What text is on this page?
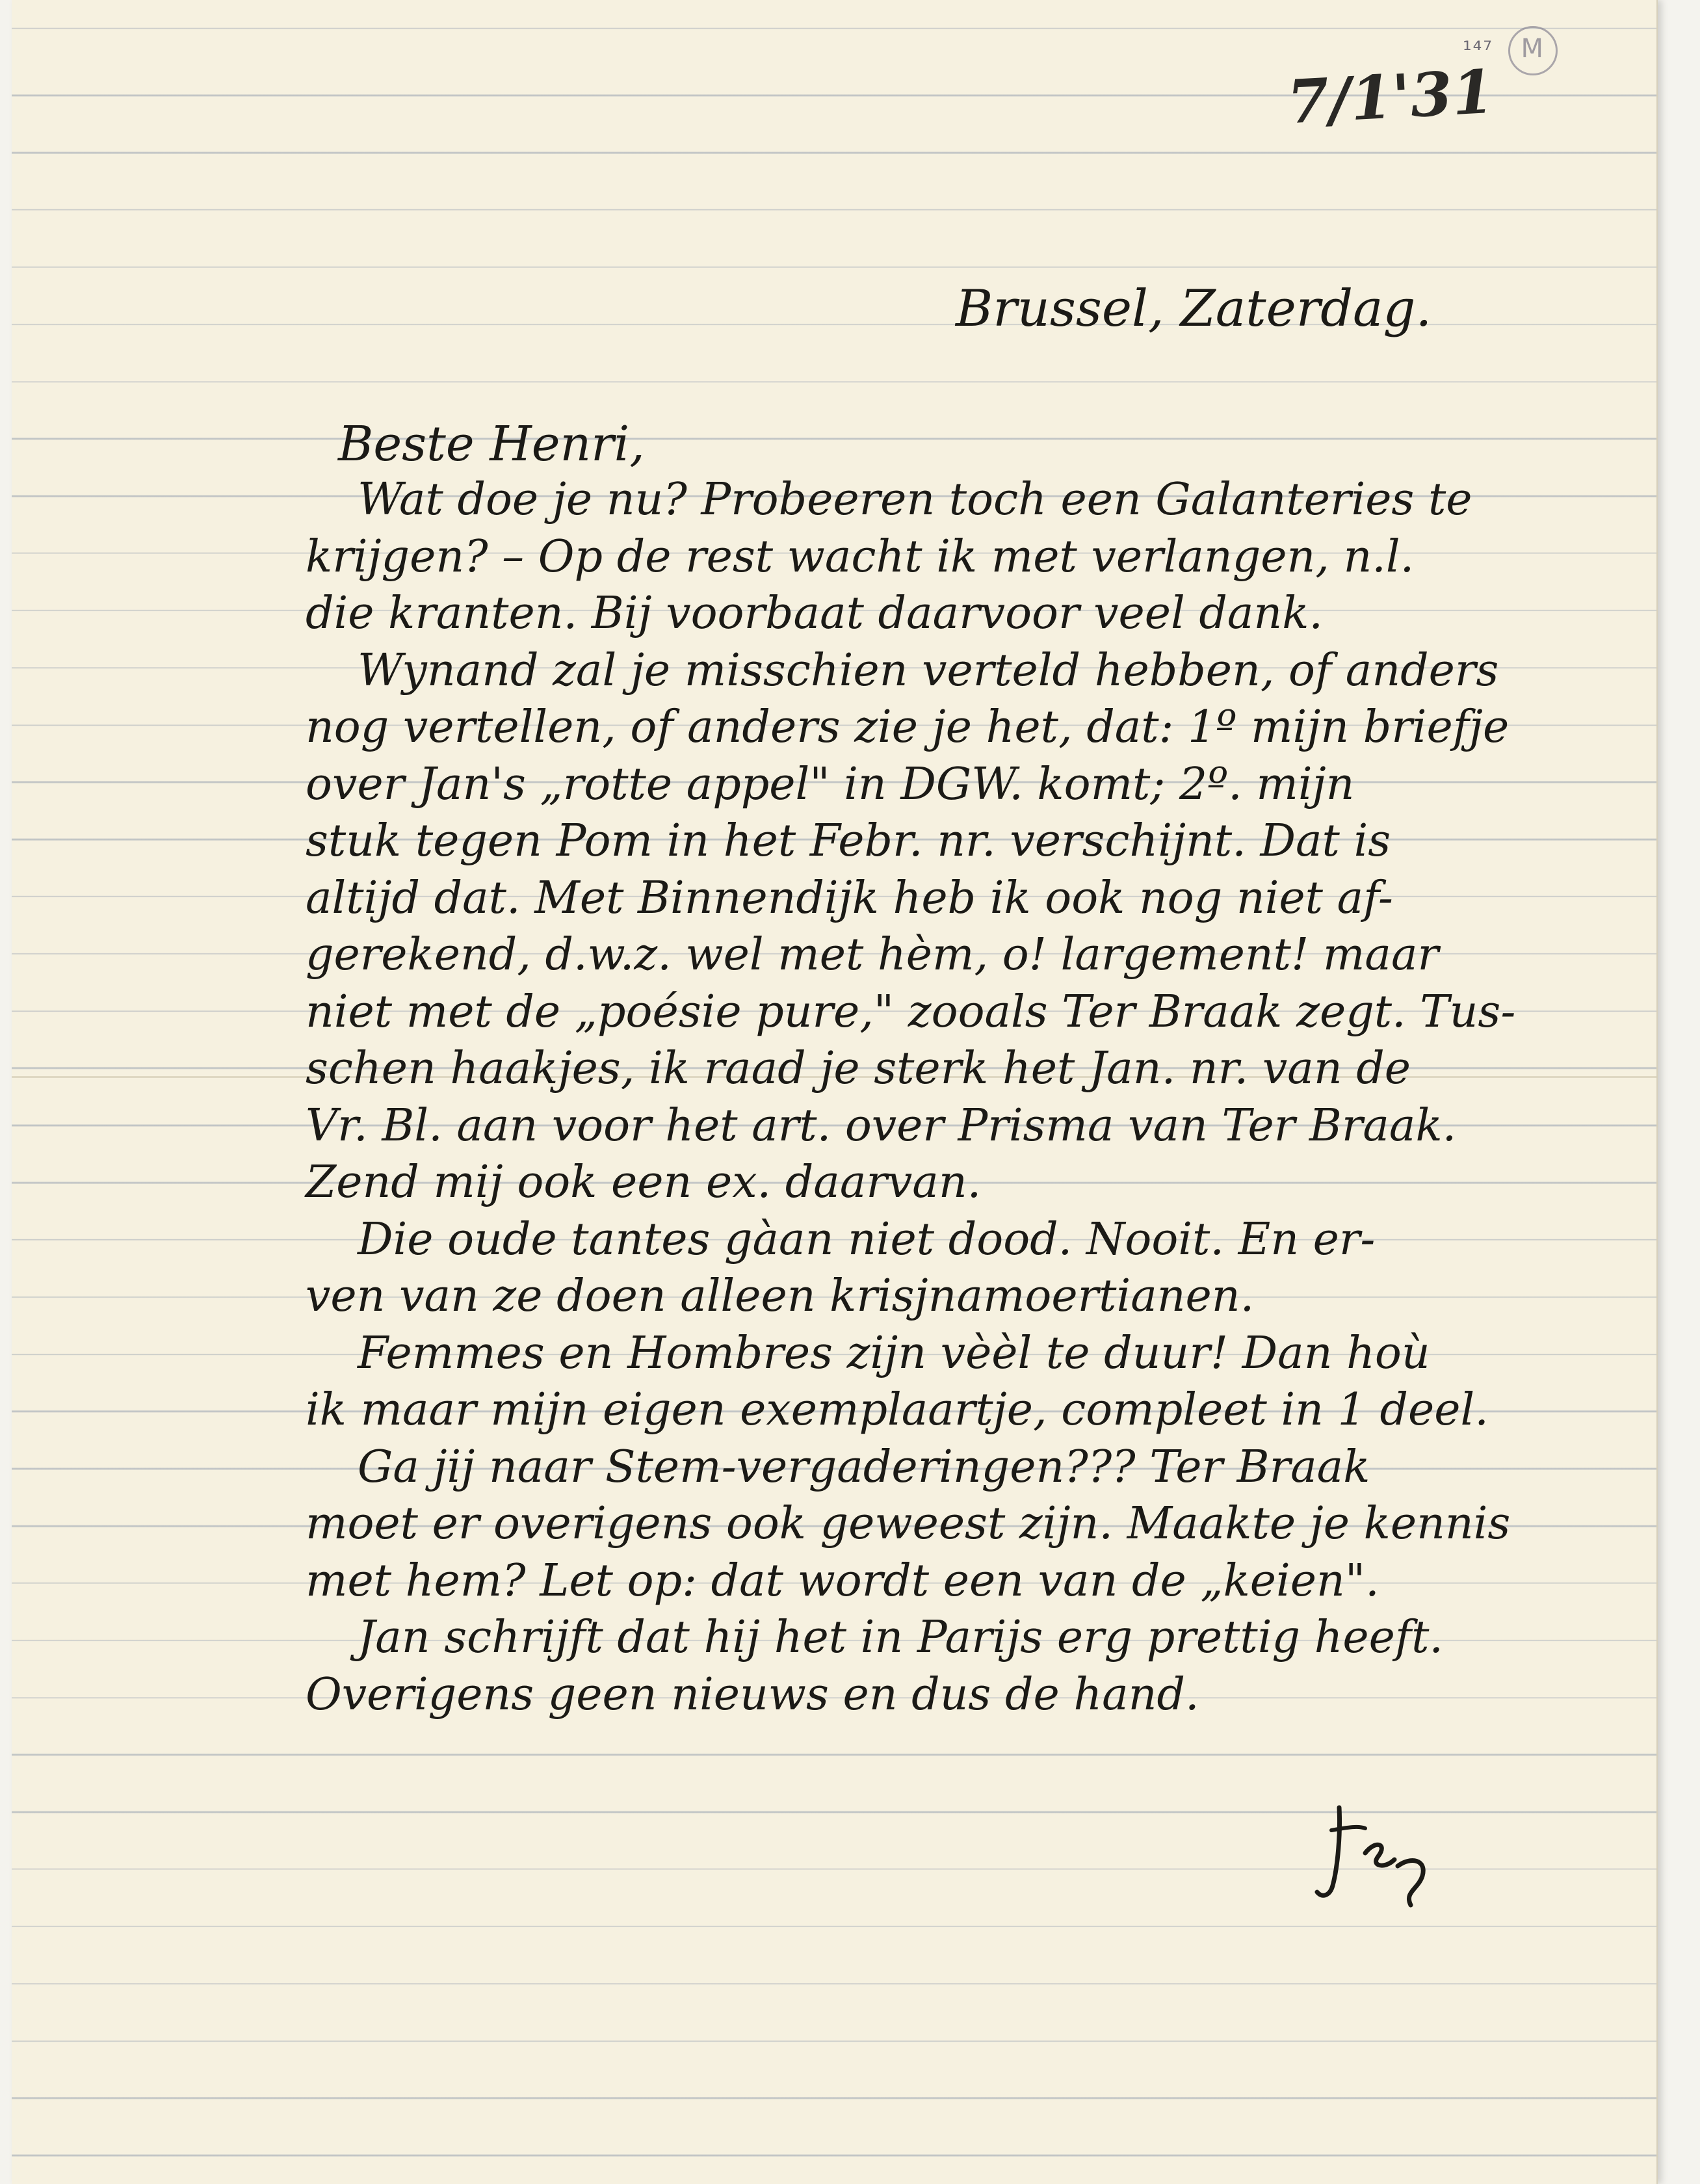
¹⁴⁷ M
7/1'31
Brussel, Zaterdag.
Beste Henri,
Wat doe je nu? Probeeren toch een Galanteries te
krijgen? – Op de rest wacht ik met verlangen, n.l.
die kranten. Bij voorbaat daarvoor veel dank.
Wynand zal je misschien verteld hebben, of anders
nog vertellen, of anders zie je het, dat: 1º mijn briefje
over Jan's „rotte appel" in DGW. komt; 2º. mijn
stuk tegen Pom in het Febr. nr. verschijnt. Dat is
altijd dat. Met Binnendijk heb ik ook nog niet af-
gerekend, d.w.z. wel met hèm, o! largement! maar
niet met de „poésie pure," zooals Ter Braak zegt. Tus-
schen haakjes, ik raad je sterk het Jan. nr. van de
Vr. Bl. aan voor het art. over Prisma van Ter Braak.
Zend mij ook een ex. daarvan.
Die oude tantes gàan niet dood. Nooit. En er-
ven van ze doen alleen krisjnamoertianen.
Femmes en Hombres zijn vèèl te duur! Dan hoù
ik maar mijn eigen exemplaartje, compleet in 1 deel.
Ga jij naar Stem-vergaderingen??? Ter Braak
moet er overigens ook geweest zijn. Maakte je kennis
met hem? Let op: dat wordt een van de „keien".
Jan schrijft dat hij het in Parijs erg prettig heeft.
Overigens geen nieuws en dus de hand.
